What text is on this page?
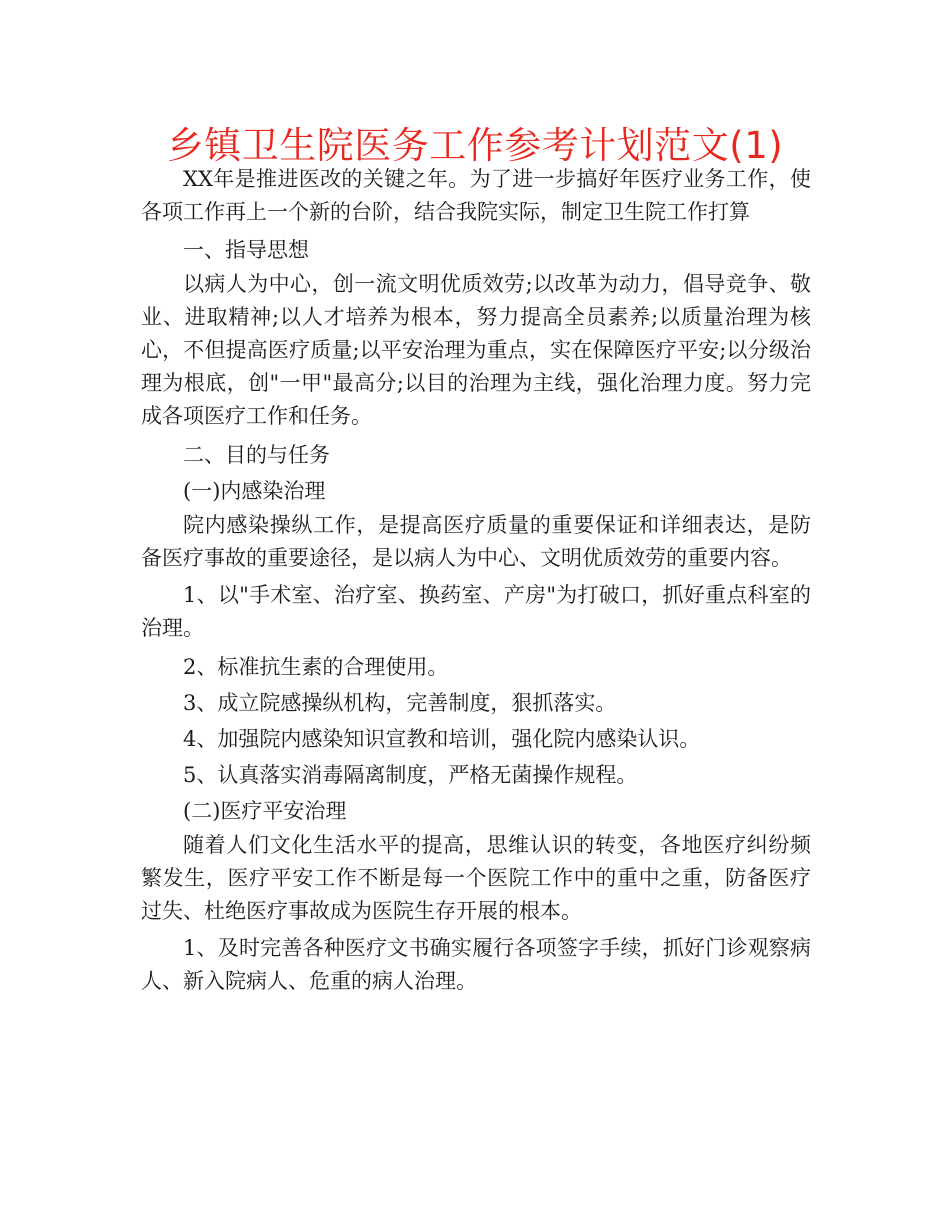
乡镇卫生院医务工作参考计划范文(1)

XX年是推进医改的关键之年。为了进一步搞好年医疗业务工作，使各项工作再上一个新的台阶，结合我院实际，制定卫生院工作打算

一、指导思想

以病人为中心，创一流文明优质效劳;以改革为动力，倡导竞争、敬业、进取精神;以人才培养为根本，努力提高全员素养;以质量治理为核心，不但提高医疗质量;以平安治理为重点，实在保障医疗平安;以分级治理为根底，创"一甲"最高分;以目的治理为主线，强化治理力度。努力完成各项医疗工作和任务。

二、目的与任务

(一)内感染治理

院内感染操纵工作，是提高医疗质量的重要保证和详细表达，是防备医疗事故的重要途径，是以病人为中心、文明优质效劳的重要内容。

1、以"手术室、治疗室、换药室、产房"为打破口，抓好重点科室的治理。

2、标准抗生素的合理使用。

3、成立院感操纵机构，完善制度，狠抓落实。

4、加强院内感染知识宣教和培训，强化院内感染认识。

5、认真落实消毒隔离制度，严格无菌操作规程。

(二)医疗平安治理

随着人们文化生活水平的提高，思维认识的转变，各地医疗纠纷频繁发生，医疗平安工作不断是每一个医院工作中的重中之重，防备医疗过失、杜绝医疗事故成为医院生存开展的根本。

1、及时完善各种医疗文书确实履行各项签字手续，抓好门诊观察病人、新入院病人、危重的病人治理。
